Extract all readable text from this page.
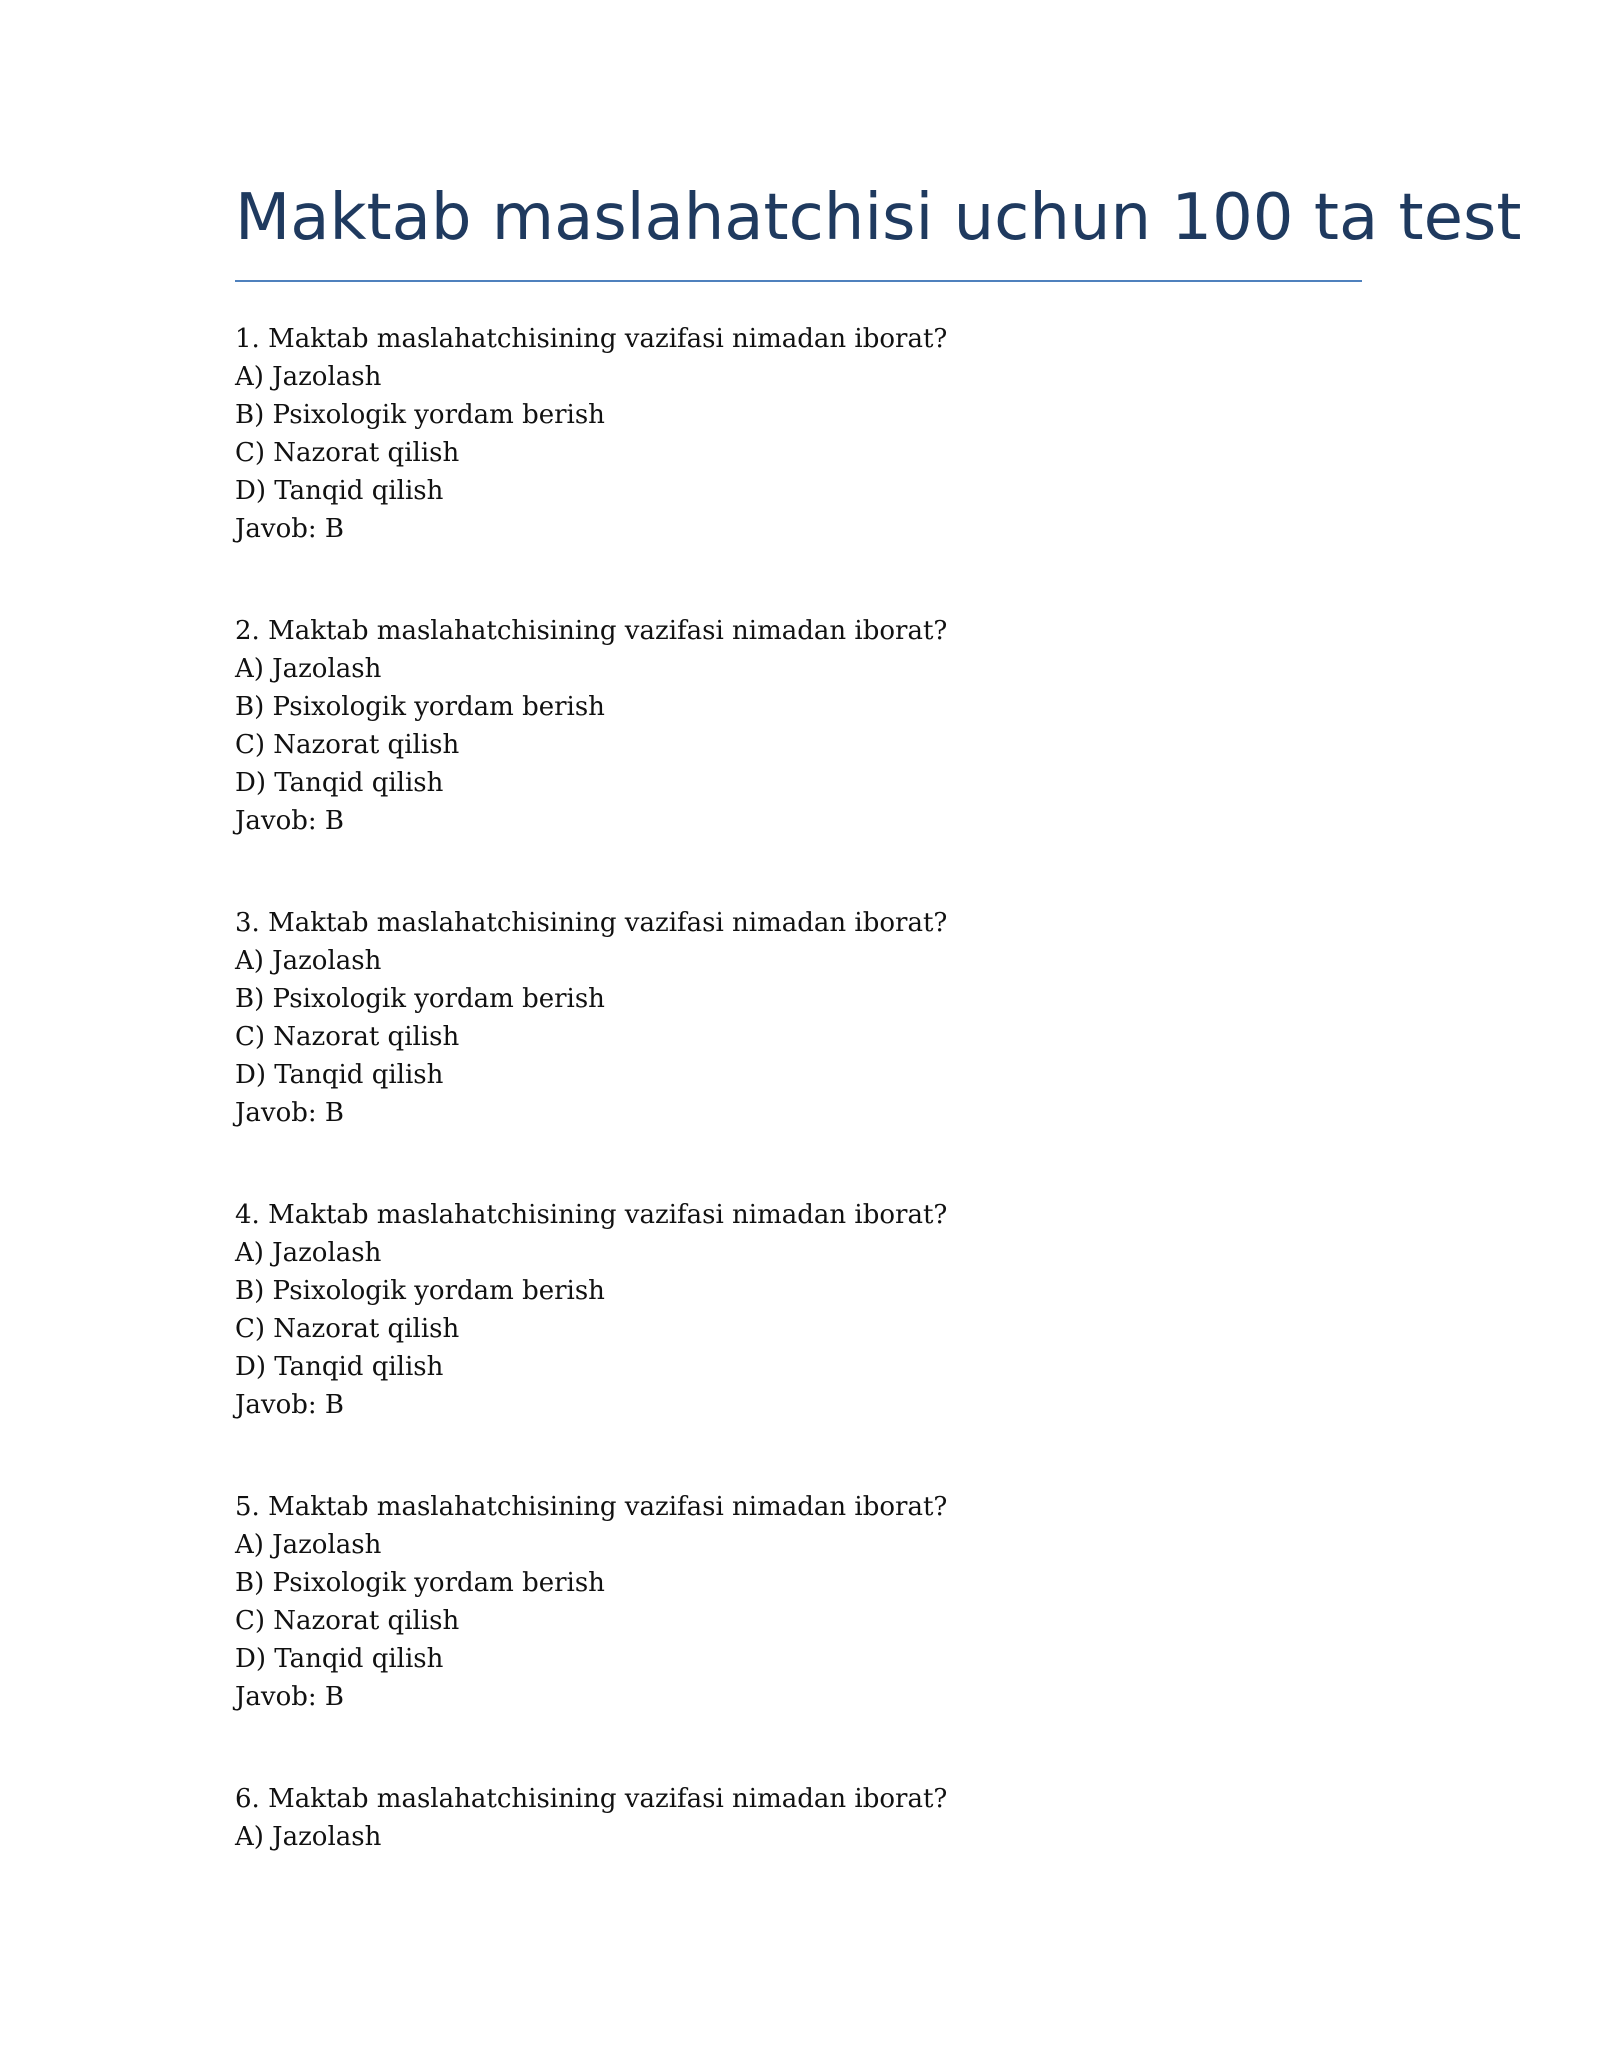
Maktab maslahatchisi uchun 100 ta test
1. Maktab maslahatchisining vazifasi nimadan iborat?
A) Jazolash
B) Psixologik yordam berish
C) Nazorat qilish
D) Tanqid qilish
Javob: B
2. Maktab maslahatchisining vazifasi nimadan iborat?
A) Jazolash
B) Psixologik yordam berish
C) Nazorat qilish
D) Tanqid qilish
Javob: B
3. Maktab maslahatchisining vazifasi nimadan iborat?
A) Jazolash
B) Psixologik yordam berish
C) Nazorat qilish
D) Tanqid qilish
Javob: B
4. Maktab maslahatchisining vazifasi nimadan iborat?
A) Jazolash
B) Psixologik yordam berish
C) Nazorat qilish
D) Tanqid qilish
Javob: B
5. Maktab maslahatchisining vazifasi nimadan iborat?
A) Jazolash
B) Psixologik yordam berish
C) Nazorat qilish
D) Tanqid qilish
Javob: B
6. Maktab maslahatchisining vazifasi nimadan iborat?
A) Jazolash
